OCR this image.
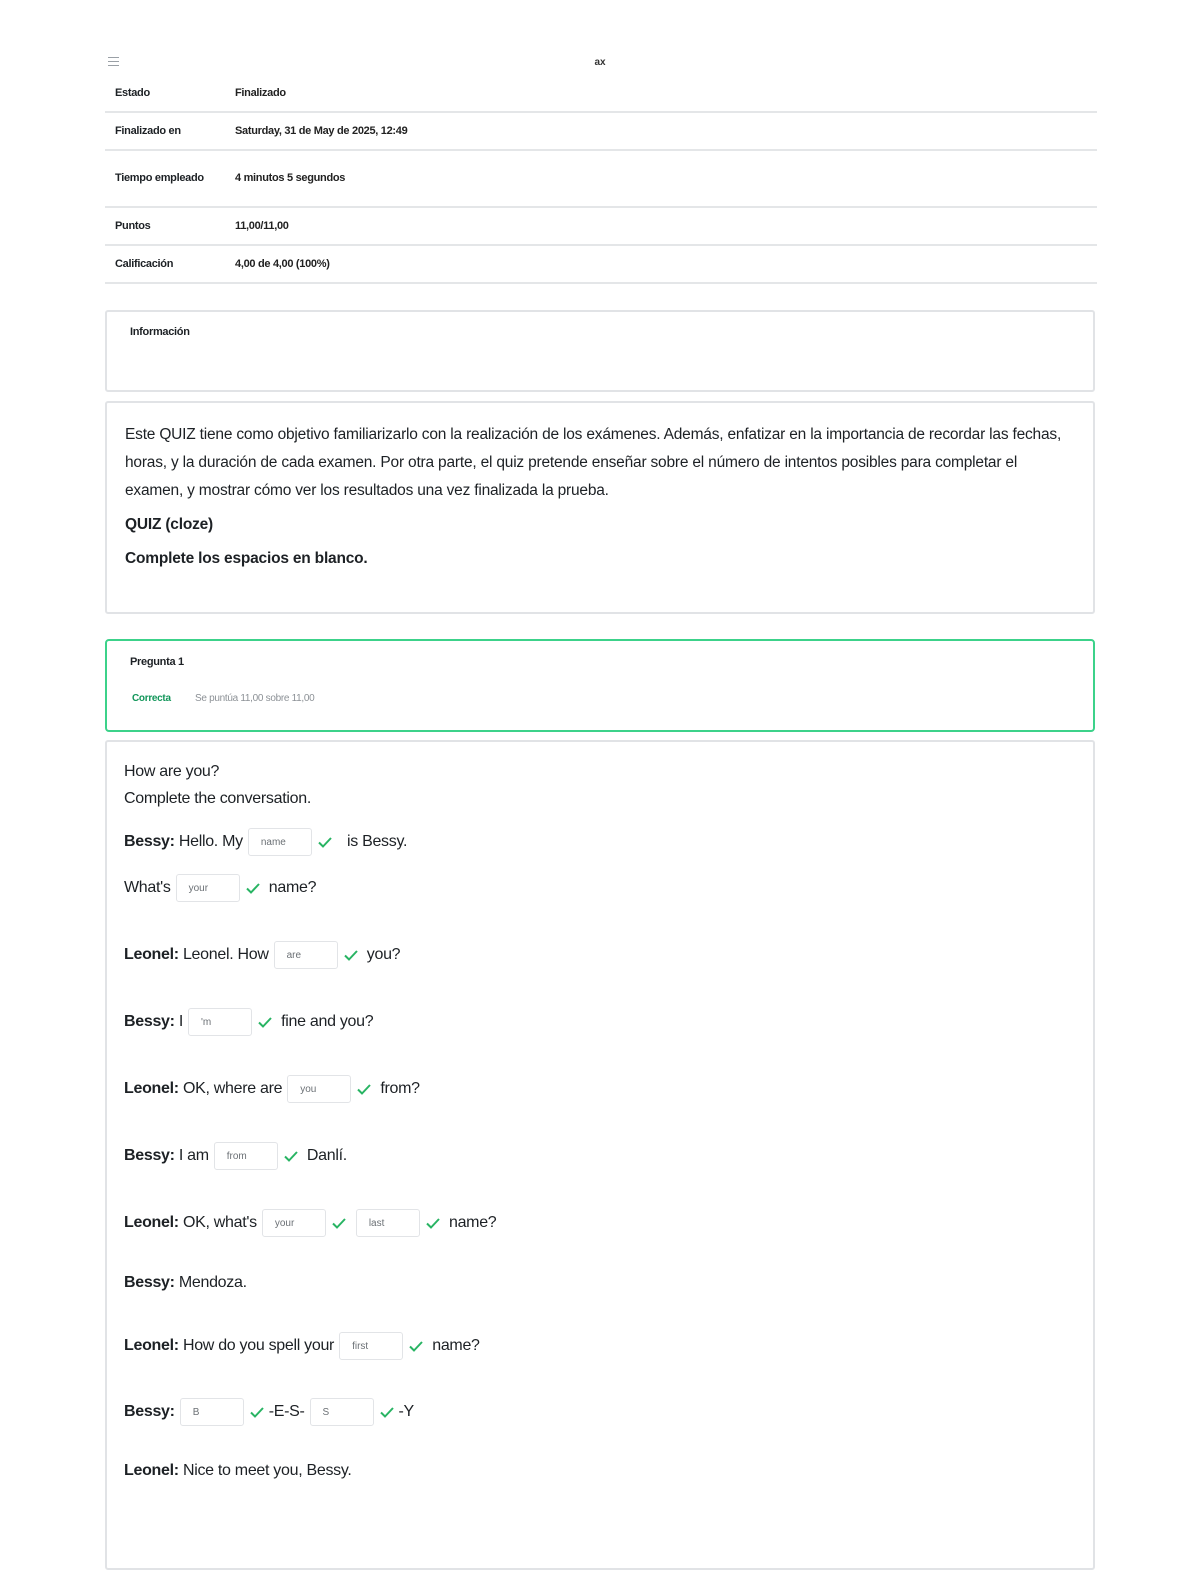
ax
Estado	Finalizado
Finalizado en	Saturday, 31 de May de 2025, 12:49
Tiempo empleado	4 minutos 5 segundos
Puntos	11,00/11,00
Calificación	4,00 de 4,00 (100%)
Información

Este QUIZ tiene como objetivo familiarizarlo con la realización de los exámenes. Además, enfatizar en la importancia de recordar las fechas, horas, y la duración de cada examen. Por otra parte, el quiz pretende enseñar sobre el número de intentos posibles para completar el examen, y mostrar cómo ver los resultados una vez finalizada la prueba.

QUIZ (cloze)

Complete los espacios en blanco.

Pregunta 1
Correcta Se puntúa 11,00 sobre 11,00
How are you?
Complete the conversation.
Bessy: Hello. My name	is Bessy.
What's your	name?
Leonel: Leonel. How are	you?
Bessy: I 'm	fine and you?
Leonel: OK, where are you	from?
Bessy: I am from	Danlí.
Leonel: OK, what's your	last	name?
Bessy: Mendoza.
Leonel: How do you spell your first	name?
Bessy: B	-E-S- S	-Y
Leonel: Nice to meet you, Bessy.
